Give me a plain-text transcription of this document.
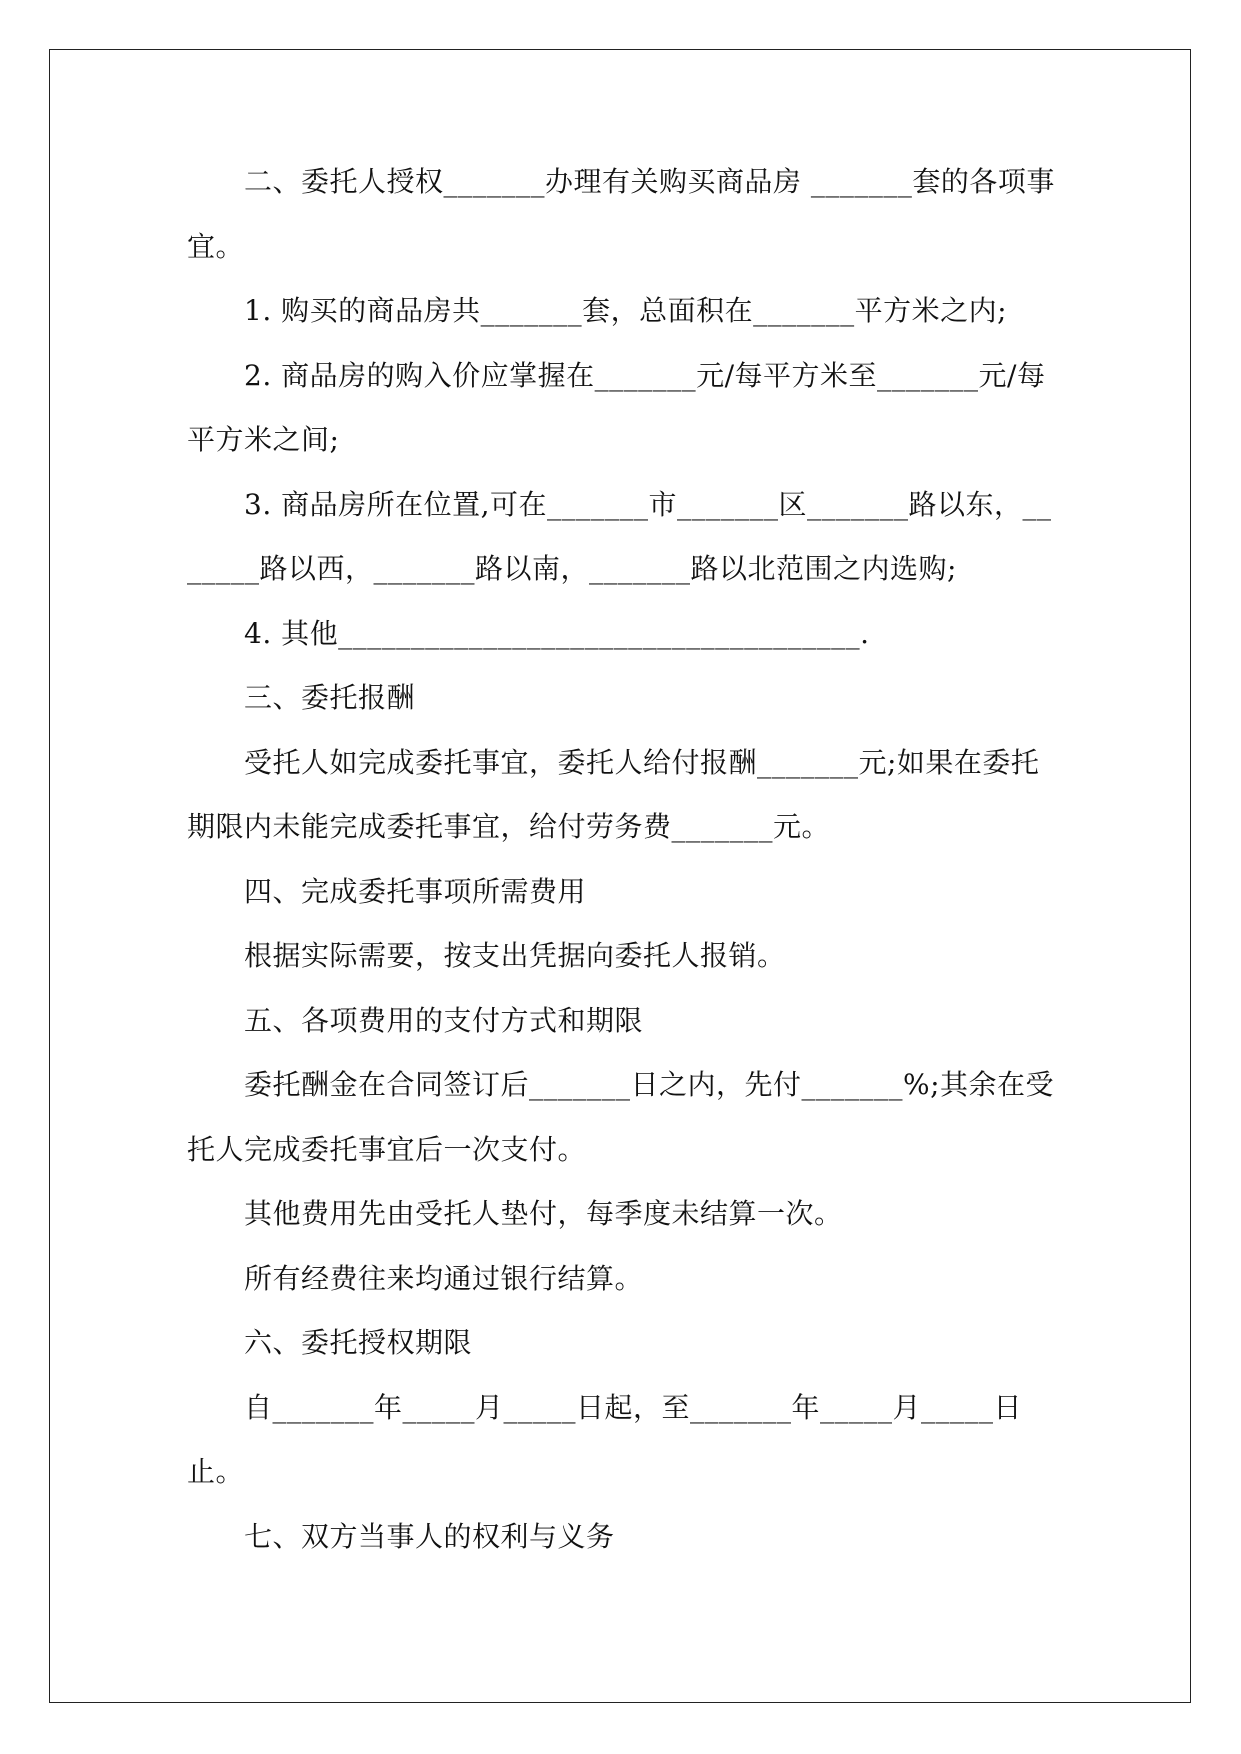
二、委托人授权_______办理有关购买商品房 _______套的各项事宜。

1. 购买的商品房共_______套，总面积在_______平方米之内;

2. 商品房的购入价应掌握在_______元/每平方米至_______元/每平方米之间;

3. 商品房所在位置,可在_______市_______区_______路以东，_______路以西，_______路以南，_______路以北范围之内选购;

4. 其他____________________________________.

三、委托报酬

受托人如完成委托事宜，委托人给付报酬_______元;如果在委托期限内未能完成委托事宜，给付劳务费_______元。

四、完成委托事项所需费用

根据实际需要，按支出凭据向委托人报销。

五、各项费用的支付方式和期限

委托酬金在合同签订后_______日之内，先付_______%;其余在受托人完成委托事宜后一次支付。

其他费用先由受托人垫付，每季度未结算一次。

所有经费往来均通过银行结算。

六、委托授权期限

自_______年_____月_____日起，至_______年_____月_____日止。

七、双方当事人的权利与义务
